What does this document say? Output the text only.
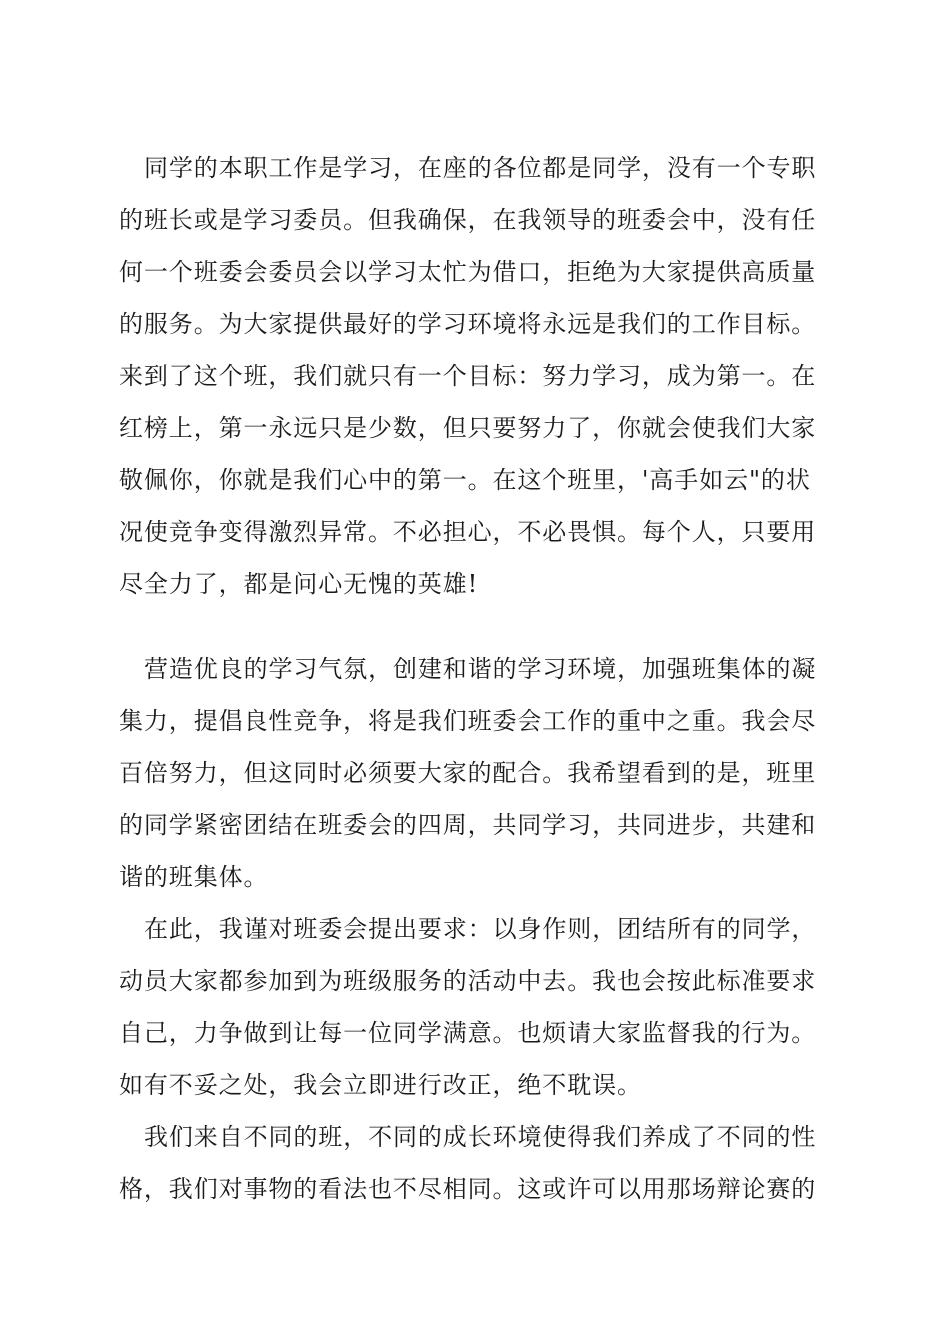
同学的本职工作是学习，在座的各位都是同学，没有一个专职
的班长或是学习委员。但我确保，在我领导的班委会中，没有任
何一个班委会委员会以学习太忙为借口，拒绝为大家提供高质量
的服务。为大家提供最好的学习环境将永远是我们的工作目标。
来到了这个班，我们就只有一个目标：努力学习，成为第一。在
红榜上，第一永远只是少数，但只要努力了，你就会使我们大家
敬佩你，你就是我们心中的第一。在这个班里，'高手如云"的状
况使竞争变得激烈异常。不必担心，不必畏惧。每个人，只要用
尽全力了，都是问心无愧的英雄!
营造优良的学习气氛，创建和谐的学习环境，加强班集体的凝
集力，提倡良性竞争，将是我们班委会工作的重中之重。我会尽
百倍努力，但这同时必须要大家的配合。我希望看到的是，班里
的同学紧密团结在班委会的四周，共同学习，共同进步，共建和
谐的班集体。
在此，我谨对班委会提出要求：以身作则，团结所有的同学，
动员大家都参加到为班级服务的活动中去。我也会按此标准要求
自己，力争做到让每一位同学满意。也烦请大家监督我的行为。
如有不妥之处，我会立即进行改正，绝不耽误。
我们来自不同的班，不同的成长环境使得我们养成了不同的性
格，我们对事物的看法也不尽相同。这或许可以用那场辩论赛的
